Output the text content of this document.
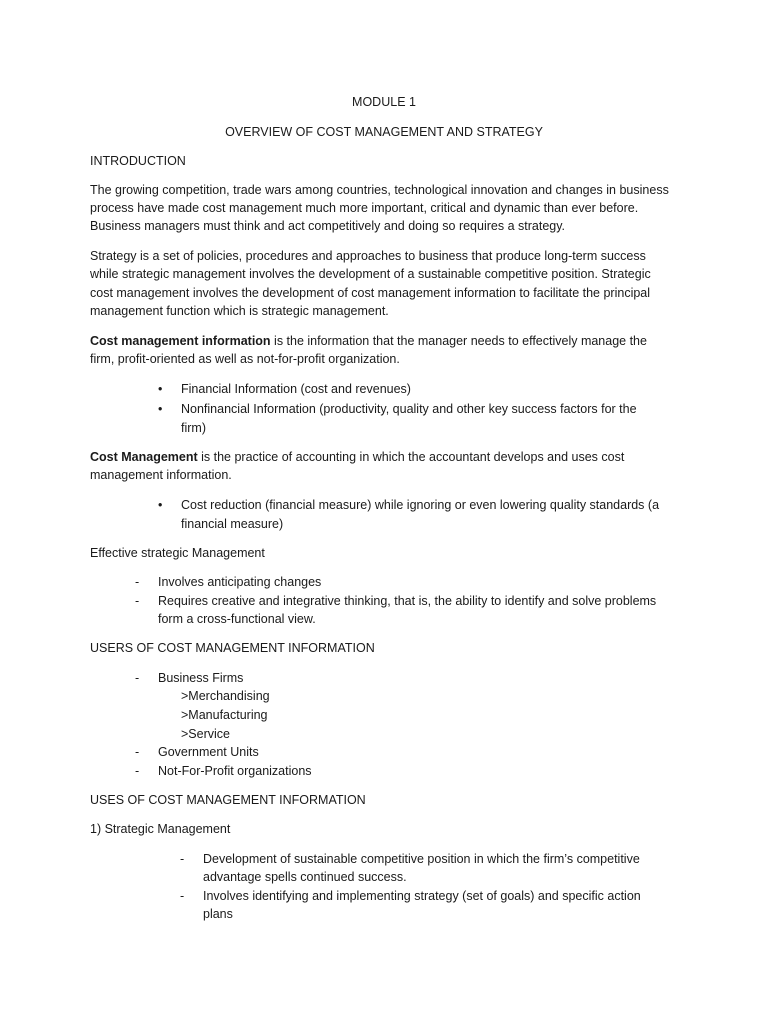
MODULE 1
OVERVIEW OF COST MANAGEMENT AND STRATEGY
INTRODUCTION
The growing competition, trade wars among countries, technological innovation and changes in business
process have made cost management much more important, critical and dynamic than ever before.
Business managers must think and act competitively and doing so requires a strategy.
Strategy is a set of policies, procedures and approaches to business that produce long-term success
while strategic management involves the development of a sustainable competitive position. Strategic
cost management involves the development of cost management information to facilitate the principal
management function which is strategic management.
Cost management information is the information that the manager needs to effectively manage the
firm, profit-oriented as well as not-for-profit organization.
• Financial Information (cost and revenues)
• Nonfinancial Information (productivity, quality and other key success factors for the
firm)
Cost Management is the practice of accounting in which the accountant develops and uses cost
management information.
• Cost reduction (financial measure) while ignoring or even lowering quality standards (a
financial measure)
Effective strategic Management
- Involves anticipating changes
- Requires creative and integrative thinking, that is, the ability to identify and solve problems
form a cross-functional view.
USERS OF COST MANAGEMENT INFORMATION
- Business Firms
>Merchandising
>Manufacturing
>Service
- Government Units
- Not-For-Profit organizations
USES OF COST MANAGEMENT INFORMATION
1) Strategic Management
- Development of sustainable competitive position in which the firm’s competitive
advantage spells continued success.
- Involves identifying and implementing strategy (set of goals) and specific action
plans
